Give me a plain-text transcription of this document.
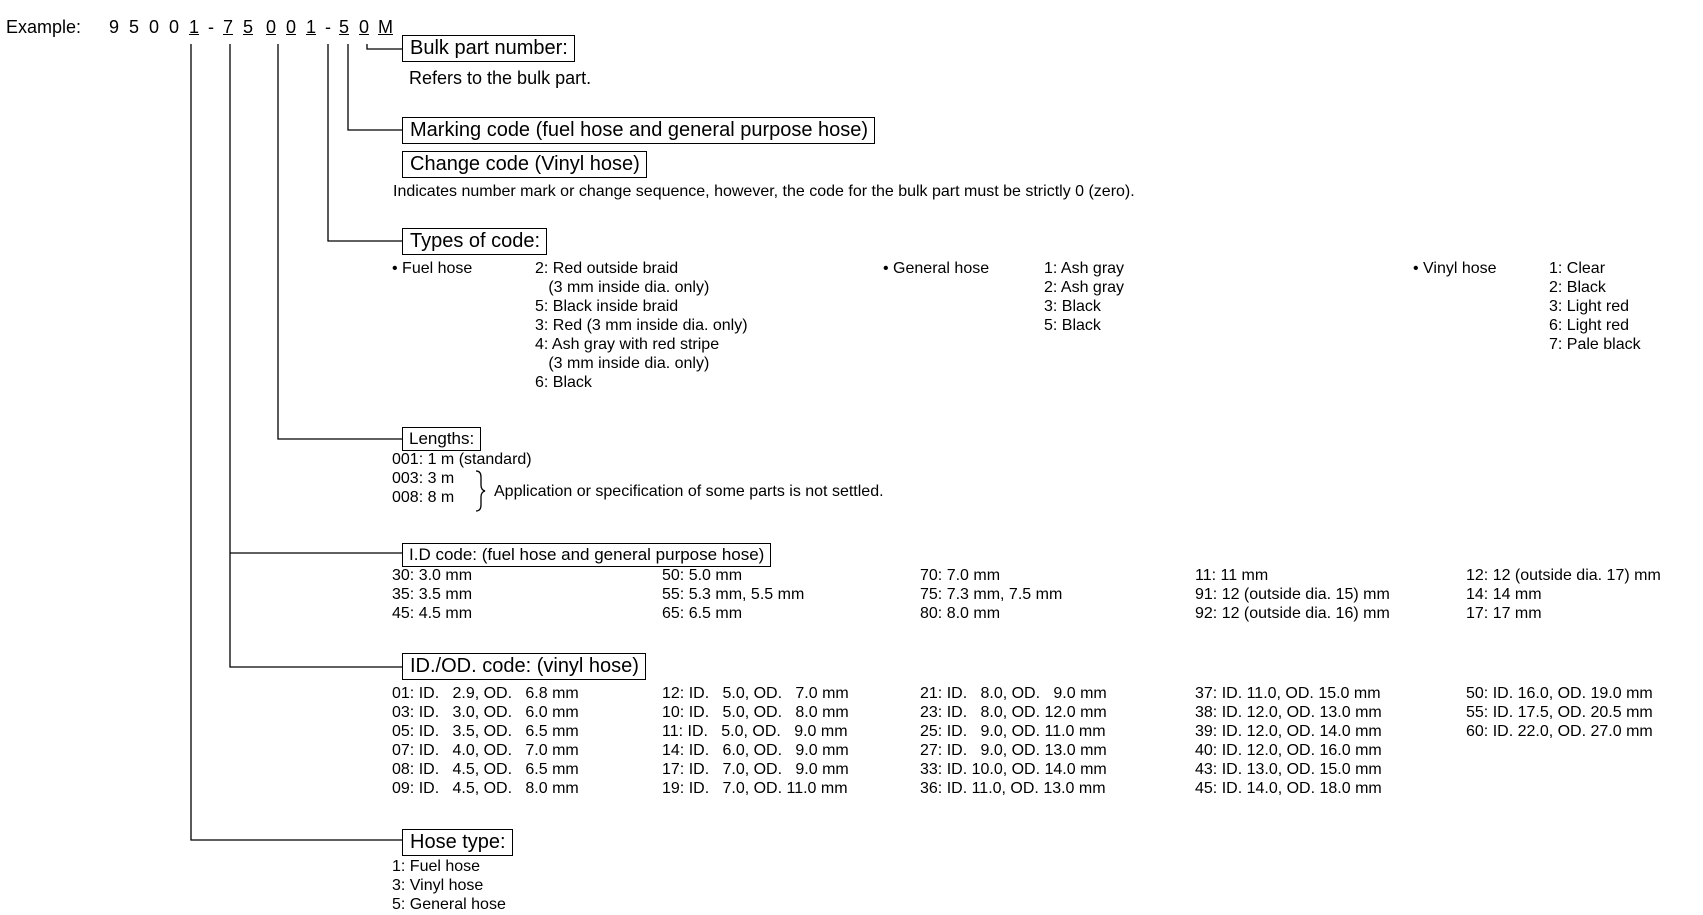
Example: 9 5 0 0 1 - 7 5 0 0 1 - 5 0 M
Bulk part number:
Refers to the bulk part.
Marking code (fuel hose and general purpose hose)
Change code (Vinyl hose)
Indicates number mark or change sequence, however, the code for the bulk part must be strictly 0 (zero).
Types of code:
• Fuel hose	2: Red outside braid
(3 mm inside dia. only)
5: Black inside braid
3: Red (3 mm inside dia. only)
4: Ash gray with red stripe
(3 mm inside dia. only)
6: Black
• General hose	1: Ash gray
2: Ash gray
3: Black
5: Black
• Vinyl hose	1: Clear
2: Black
3: Light red
6: Light red
7: Pale black
Lengths:
001: 1 m (standard)
003: 3 m
008: 8 m	Application or specification of some parts is not settled.
I.D code: (fuel hose and general purpose hose)
30: 3.0 mm
35: 3.5 mm
45: 4.5 mm
50: 5.0 mm
55: 5.3 mm, 5.5 mm
65: 6.5 mm
70: 7.0 mm
75: 7.3 mm, 7.5 mm
80: 8.0 mm
11: 11 mm
91: 12 (outside dia. 15) mm
92: 12 (outside dia. 16) mm
12: 12 (outside dia. 17) mm
14: 14 mm
17: 17 mm
ID./OD. code: (vinyl hose)
01: ID.   2.9, OD.   6.8 mm
03: ID.   3.0, OD.   6.0 mm
05: ID.   3.5, OD.   6.5 mm
07: ID.   4.0, OD.   7.0 mm
08: ID.   4.5, OD.   6.5 mm
09: ID.   4.5, OD.   8.0 mm
12: ID.   5.0, OD.   7.0 mm
10: ID.   5.0, OD.   8.0 mm
11: ID.   5.0, OD.   9.0 mm
14: ID.   6.0, OD.   9.0 mm
17: ID.   7.0, OD.   9.0 mm
19: ID.   7.0, OD. 11.0 mm
21: ID.   8.0, OD.   9.0 mm
23: ID.   8.0, OD. 12.0 mm
25: ID.   9.0, OD. 11.0 mm
27: ID.   9.0, OD. 13.0 mm
33: ID. 10.0, OD. 14.0 mm
36: ID. 11.0, OD. 13.0 mm
37: ID. 11.0, OD. 15.0 mm
38: ID. 12.0, OD. 13.0 mm
39: ID. 12.0, OD. 14.0 mm
40: ID. 12.0, OD. 16.0 mm
43: ID. 13.0, OD. 15.0 mm
45: ID. 14.0, OD. 18.0 mm
50: ID. 16.0, OD. 19.0 mm
55: ID. 17.5, OD. 20.5 mm
60: ID. 22.0, OD. 27.0 mm
Hose type:
1: Fuel hose
3: Vinyl hose
5: General hose
